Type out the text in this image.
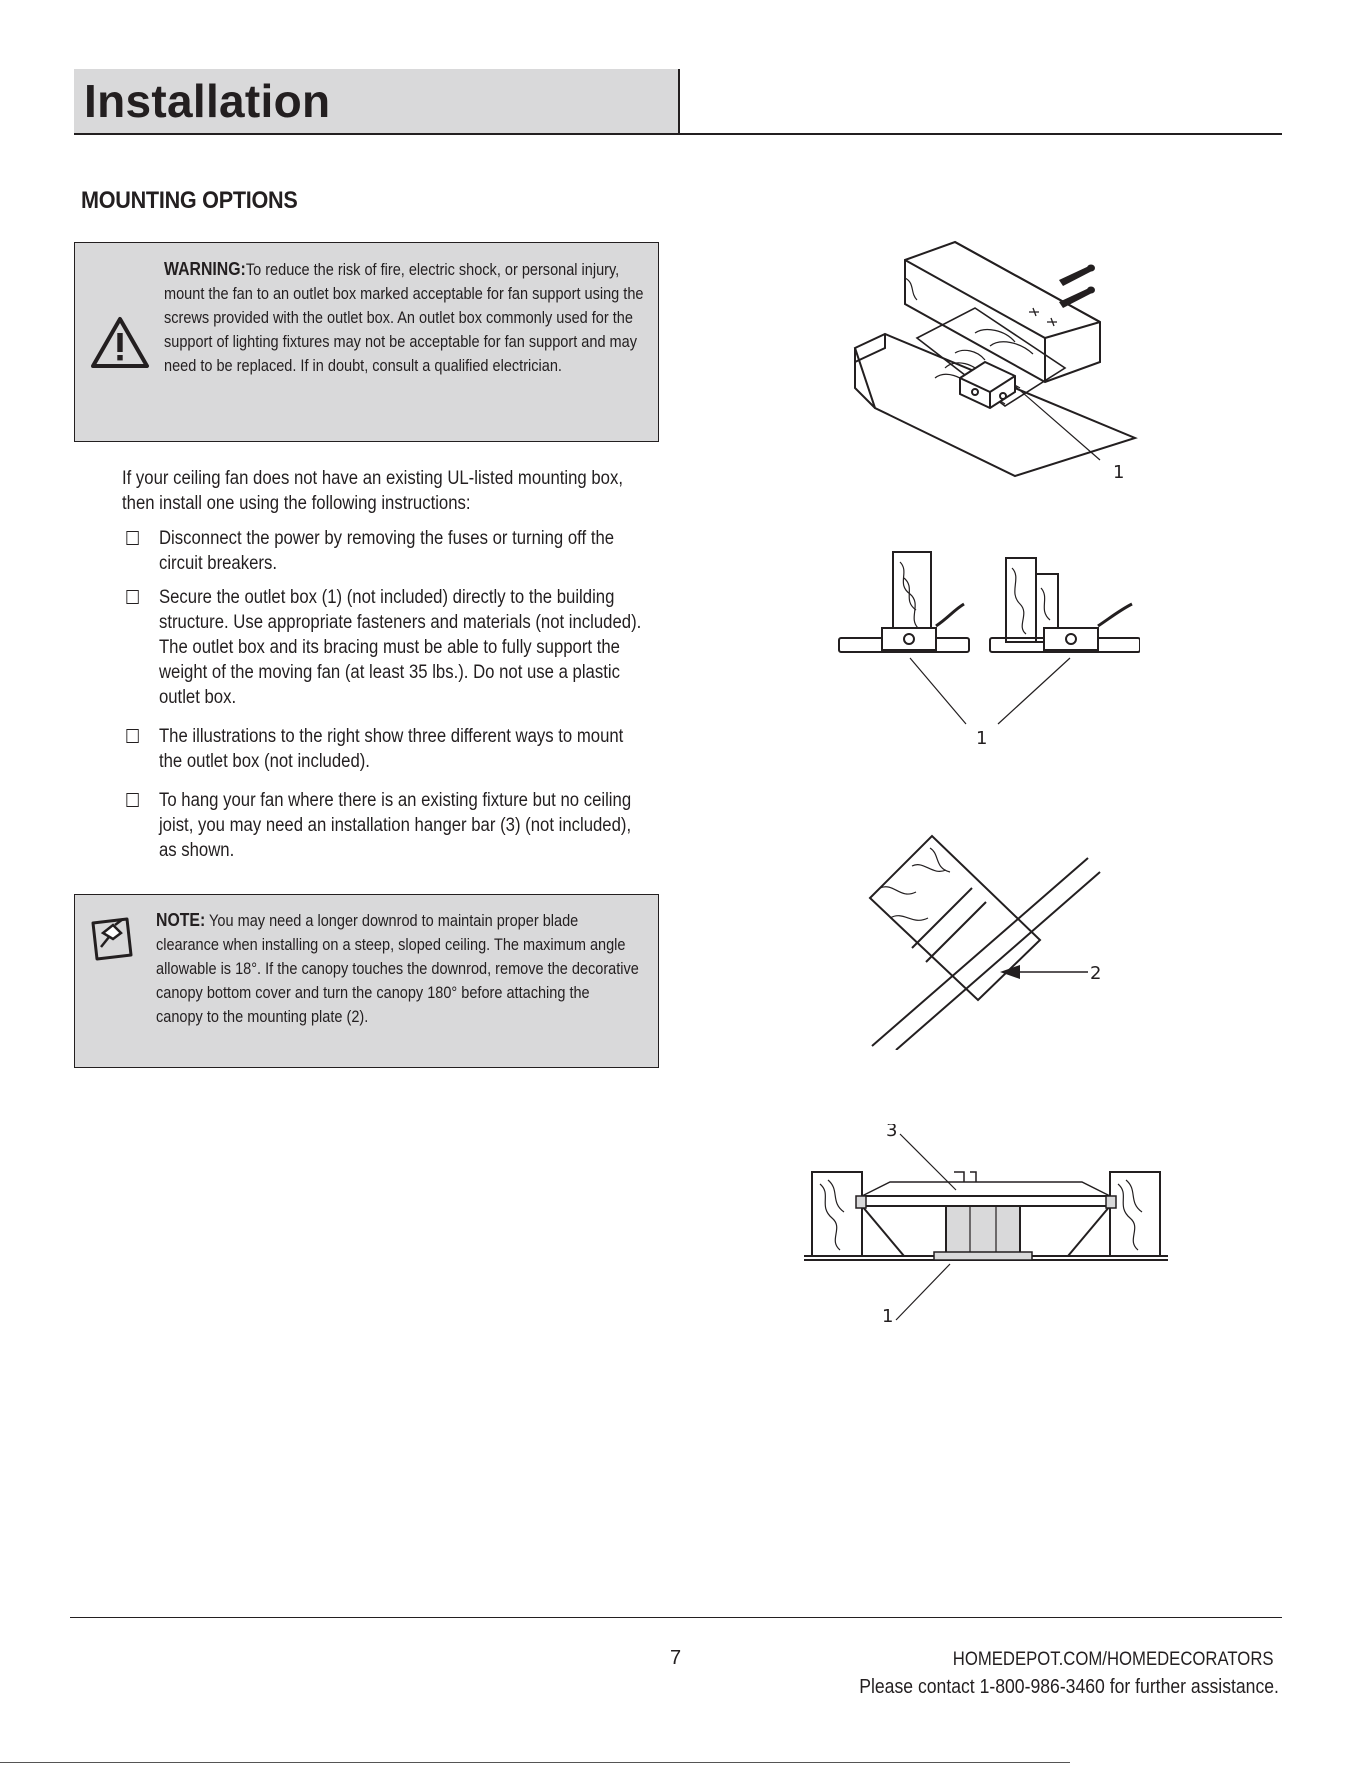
Installation
MOUNTING OPTIONS
WARNING:To reduce the risk of fire, electric shock, or personal injury, mount the fan to an outlet box marked acceptable for fan support using the screws provided with the outlet box. An outlet box commonly used for the support of lighting fixtures may not be acceptable for fan support and may need to be replaced. If in doubt, consult a qualified electrician.

If your ceiling fan does not have an existing UL-listed mounting box, then install one using the following instructions:

Disconnect the power by removing the fuses or turning off the circuit breakers.
Secure the outlet box (1) (not included) directly to the building structure. Use appropriate fasteners and materials (not included). The outlet box and its bracing must be able to fully support the weight of the moving fan (at least 35 lbs.). Do not use a plastic outlet box.
The illustrations to the right show three different ways to mount the outlet box (not included).
To hang your fan where there is an existing fixture but no ceiling joist, you may need an installation hanger bar (3) (not included), as shown.
NOTE: You may need a longer downrod to maintain proper blade clearance when installing on a steep, sloped ceiling. The maximum angle allowable is 18°. If the canopy touches the downrod, remove the decorative canopy bottom cover and turn the canopy 180° before attaching the canopy to the mounting plate (2).
1
1
2
3
1
7	HOMEDEPOT.COM/HOMEDECORATORS
Please contact 1-800-986-3460 for further assistance.
